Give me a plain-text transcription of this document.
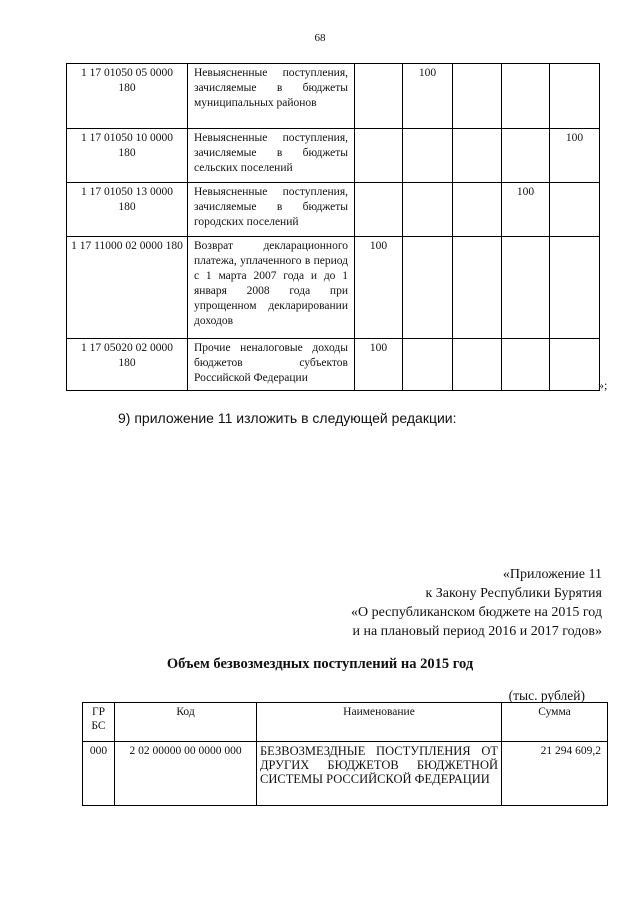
68
1 17 01050 05 0000 180	Невыясненные поступления, зачисляемые в бюджеты муниципальных районов		100			
1 17 01050 10 0000 180	Невыясненные поступления, зачисляемые в бюджеты сельских поселений					100
1 17 01050 13 0000 180	Невыясненные поступления, зачисляемые в бюджеты городских поселений				100	
1 17 11000 02 0000 180	Возврат декларационного платежа, уплаченного в период с 1 марта 2007 года и до 1 января 2008 года при упрощенном декларировании доходов	100				
1 17 05020 02 0000 180	Прочие неналоговые доходы бюджетов субъектов Российской Федерации	100				
»;
9) приложение 11 изложить в следующей редакции:
«Приложение 11
к Закону Республики Бурятия
«О республиканском бюджете на 2015 год
и на плановый период 2016 и 2017 годов»
Объем безвозмездных поступлений на 2015 год
(тыс. рублей)
ГР БС	Код	Наименование	Сумма
000	2 02 00000 00 0000 000	БЕЗВОЗМЕЗДНЫЕ ПОСТУПЛЕНИЯ ОТ ДРУГИХ БЮДЖЕТОВ БЮДЖЕТНОЙ СИСТЕМЫ РОССИЙСКОЙ ФЕДЕРАЦИИ	21 294 609,2
